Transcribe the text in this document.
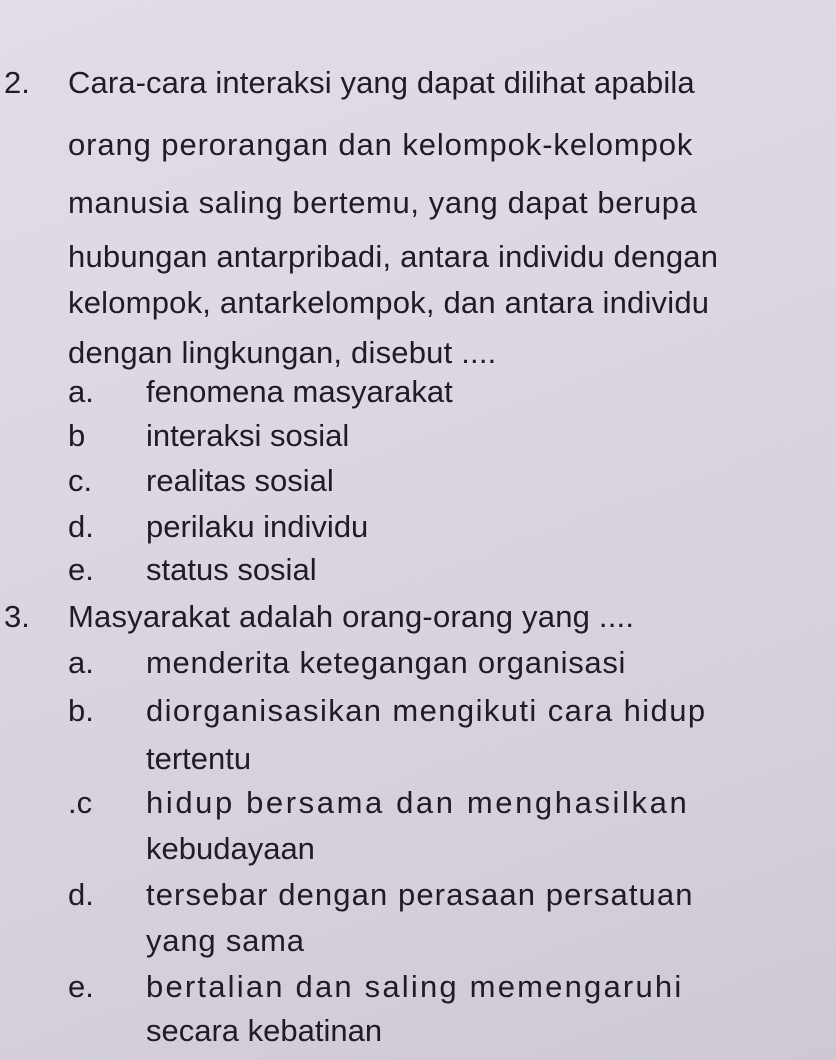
2. Cara-cara interaksi yang dapat dilihat apabila
orang perorangan dan kelompok-kelompok
manusia saling bertemu, yang dapat berupa
hubungan antarpribadi, antara individu dengan
kelompok, antarkelompok, dan antara individu
dengan lingkungan, disebut ....
a. fenomena masyarakat
b interaksi sosial
c. realitas sosial
d. perilaku individu
e. status sosial
3. Masyarakat adalah orang-orang yang ....
a. menderita ketegangan organisasi
b. diorganisasikan mengikuti cara hidup
tertentu
.c hidup bersama dan menghasilkan
kebudayaan
d. tersebar dengan perasaan persatuan
yang sama
e. bertalian dan saling memengaruhi
secara kebatinan
